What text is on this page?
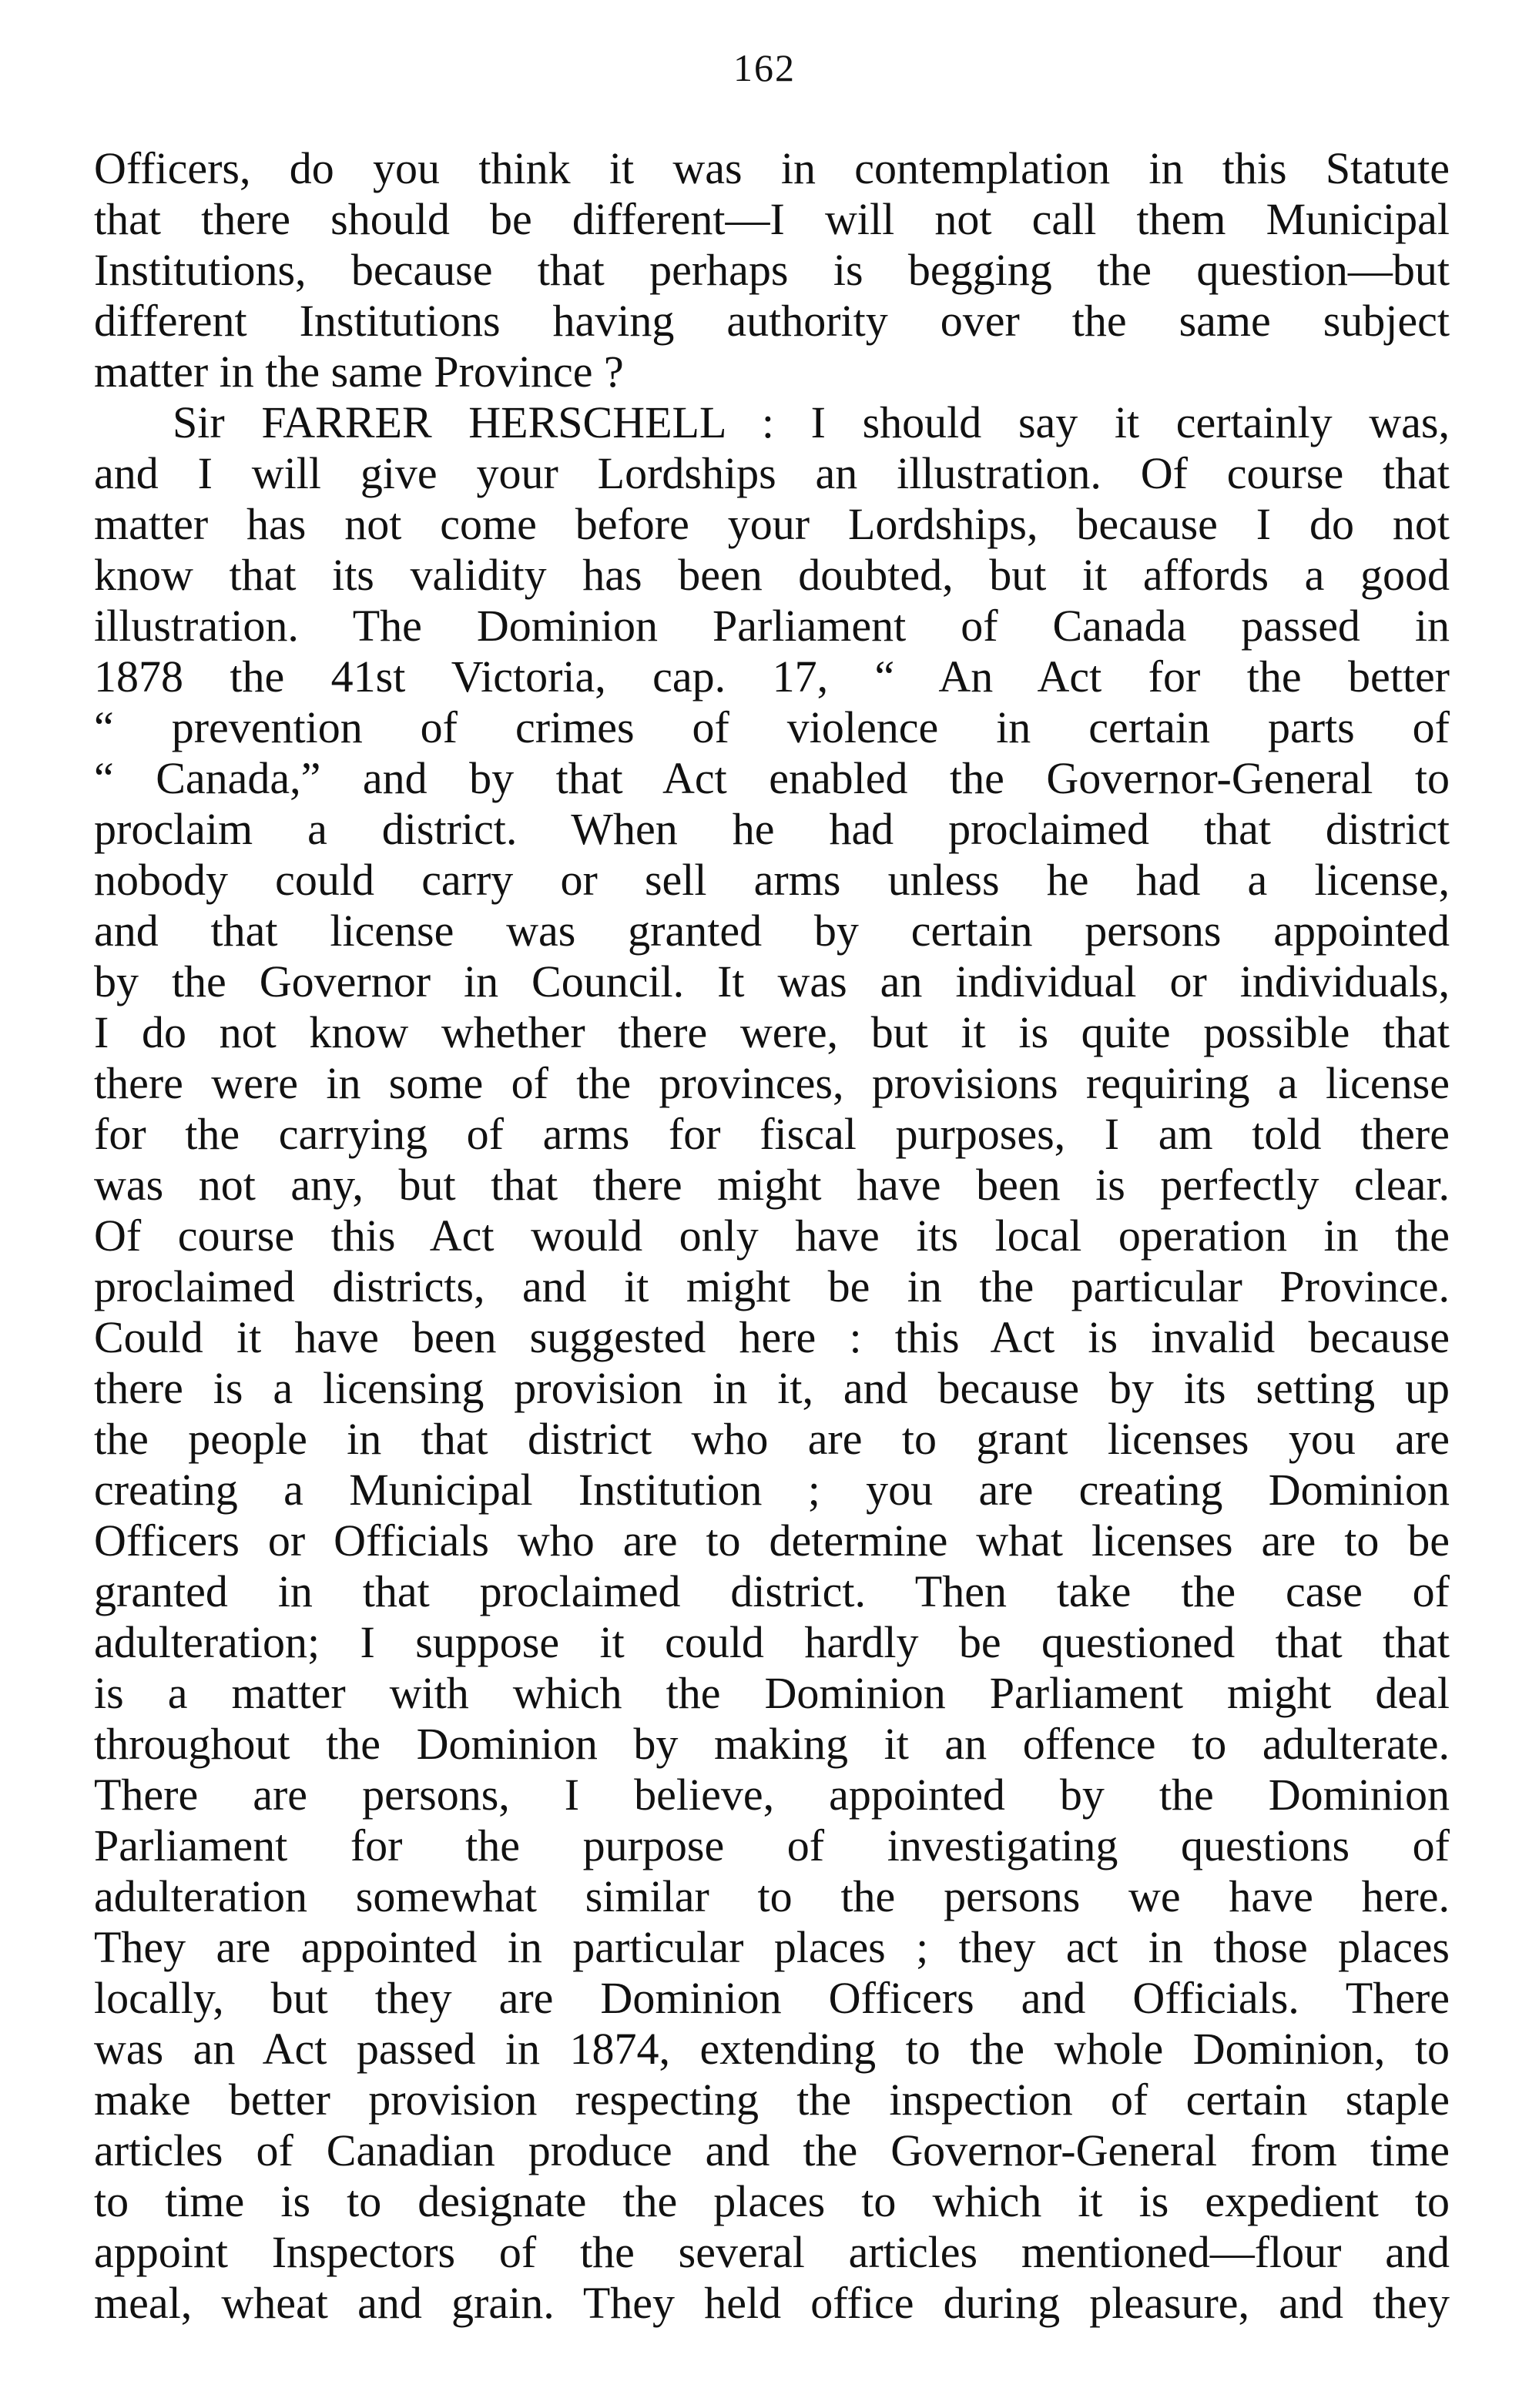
162
Officers, do you think it was in contemplation in this Statute
that there should be different—I will not call them Municipal
Institutions, because that perhaps is begging the question—but
different Institutions having authority over the same subject
matter in the same Province ?
Sir FARRER HERSCHELL : I should say it certainly was,
and I will give your Lordships an illustration. Of course that
matter has not come before your Lordships, because I do not
know that its validity has been doubted, but it affords a good
illustration. The Dominion Parliament of Canada passed in
1878 the 41st Victoria, cap. 17, “ An Act for the better
“ prevention of crimes of violence in certain parts of
“ Canada,” and by that Act enabled the Governor-General to
proclaim a district. When he had proclaimed that district
nobody could carry or sell arms unless he had a license,
and that license was granted by certain persons appointed
by the Governor in Council. It was an individual or individuals,
I do not know whether there were, but it is quite possible that
there were in some of the provinces, provisions requiring a license
for the carrying of arms for fiscal purposes, I am told there
was not any, but that there might have been is perfectly clear.
Of course this Act would only have its local operation in the
proclaimed districts, and it might be in the particular Province.
Could it have been suggested here : this Act is invalid because
there is a licensing provision in it, and because by its setting up
the people in that district who are to grant licenses you are
creating a Municipal Institution ; you are creating Dominion
Officers or Officials who are to determine what licenses are to be
granted in that proclaimed district. Then take the case of
adulteration; I suppose it could hardly be questioned that that
is a matter with which the Dominion Parliament might deal
throughout the Dominion by making it an offence to adulterate.
There are persons, I believe, appointed by the Dominion
Parliament for the purpose of investigating questions of
adulteration somewhat similar to the persons we have here.
They are appointed in particular places ; they act in those places
locally, but they are Dominion Officers and Officials. There
was an Act passed in 1874, extending to the whole Dominion, to
make better provision respecting the inspection of certain staple
articles of Canadian produce and the Governor-General from time
to time is to designate the places to which it is expedient to
appoint Inspectors of the several articles mentioned—flour and
meal, wheat and grain. They held office during pleasure, and they
